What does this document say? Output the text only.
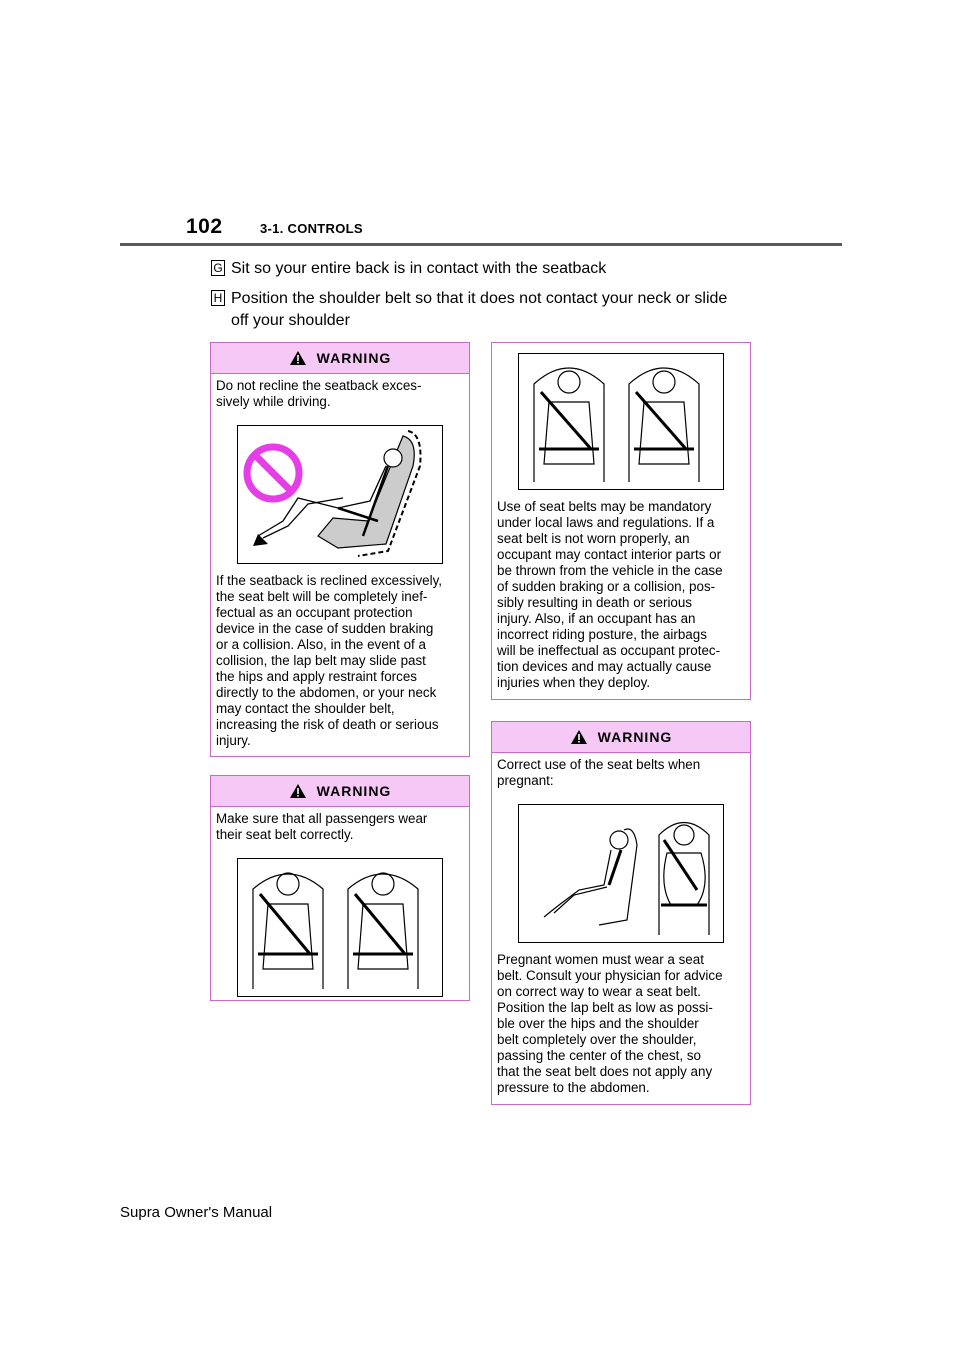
102	3-1. CONTROLS
G Sit so your entire back is in contact with the seatback
H Position the shoulder belt so that it does not contact your neck or slide
off your shoulder
WARNING
Do not recline the seatback exces-
sively while driving.
If the seatback is reclined excessively,
the seat belt will be completely inef-
fectual as an occupant protection
device in the case of sudden braking
or a collision. Also, in the event of a
collision, the lap belt may slide past
the hips and apply restraint forces
directly to the abdomen, or your neck
may contact the shoulder belt,
increasing the risk of death or serious
injury.
WARNING
Make sure that all passengers wear
their seat belt correctly.
Use of seat belts may be mandatory
under local laws and regulations. If a
seat belt is not worn properly, an
occupant may contact interior parts or
be thrown from the vehicle in the case
of sudden braking or a collision, pos-
sibly resulting in death or serious
injury. Also, if an occupant has an
incorrect riding posture, the airbags
will be ineffectual as occupant protec-
tion devices and may actually cause
injuries when they deploy.
WARNING
Correct use of the seat belts when
pregnant:
Pregnant women must wear a seat
belt. Consult your physician for advice
on correct way to wear a seat belt.
Position the lap belt as low as possi-
ble over the hips and the shoulder
belt completely over the shoulder,
passing the center of the chest, so
that the seat belt does not apply any
pressure to the abdomen.
Supra Owner's Manual
